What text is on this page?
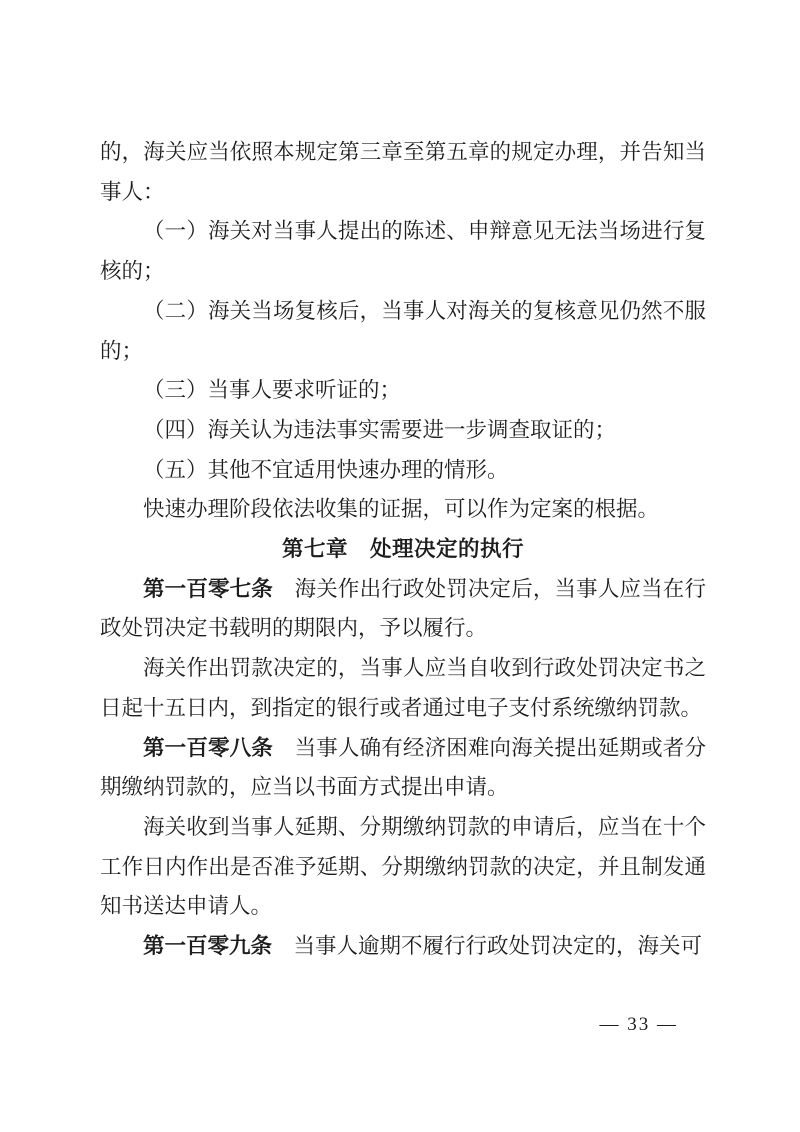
的，海关应当依照本规定第三章至第五章的规定办理，并告知当事人：

（一）海关对当事人提出的陈述、申辩意见无法当场进行复核的；

（二）海关当场复核后，当事人对海关的复核意见仍然不服的；

（三）当事人要求听证的；

（四）海关认为违法事实需要进一步调查取证的；

（五）其他不宜适用快速办理的情形。

快速办理阶段依法收集的证据，可以作为定案的根据。

第七章　处理决定的执行

第一百零七条　海关作出行政处罚决定后，当事人应当在行政处罚决定书载明的期限内，予以履行。

海关作出罚款决定的，当事人应当自收到行政处罚决定书之日起十五日内，到指定的银行或者通过电子支付系统缴纳罚款。

第一百零八条　当事人确有经济困难向海关提出延期或者分期缴纳罚款的，应当以书面方式提出申请。

海关收到当事人延期、分期缴纳罚款的申请后，应当在十个工作日内作出是否准予延期、分期缴纳罚款的决定，并且制发通知书送达申请人。

第一百零九条　当事人逾期不履行行政处罚决定的，海关可

— 33 —
